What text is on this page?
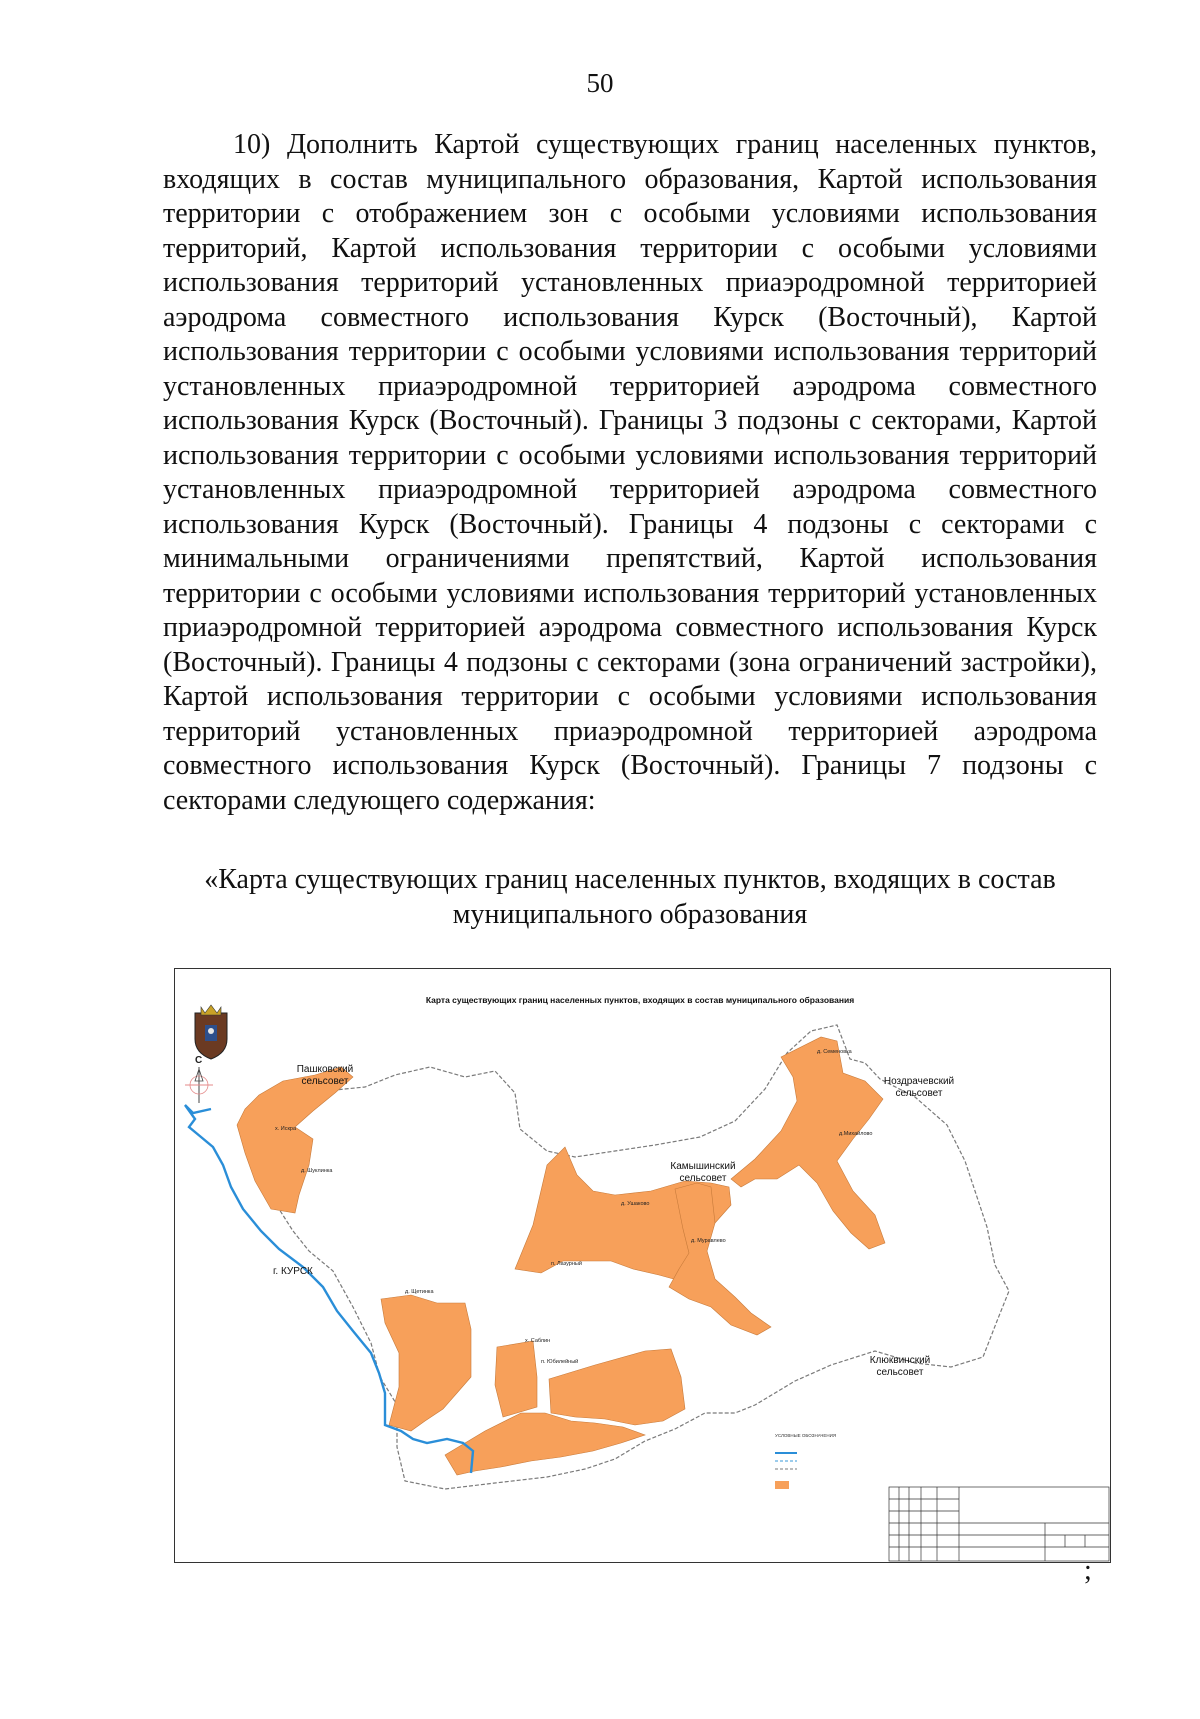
50
10) Дополнить Картой существующих границ населенных пунктов, входящих в состав муниципального образования, Картой использования территории с отображением зон с особыми условиями использования территорий, Картой использования территории с особыми условиями использования территорий установленных приаэродромной территорией аэродрома совместного использования Курск (Восточный), Картой использования территории с особыми условиями использования территорий установленных приаэродромной территорией аэродрома совместного использования Курск (Восточный). Границы 3 подзоны с секторами, Картой использования территории с особыми условиями использования территорий установленных приаэродромной территорией аэродрома совместного использования Курск (Восточный). Границы 4 подзоны с секторами с минимальными ограничениями препятствий, Картой использования территории с особыми условиями использования территорий установленных приаэродромной территорией аэродрома совместного использования Курск (Восточный). Границы 4 подзоны с секторами (зона ограничений застройки), Картой использования территории с особыми условиями использования территорий установленных приаэродромной территорией аэродрома совместного использования Курск (Восточный). Границы 7 подзоны с секторами следующего содержания:
«Карта существующих границ населенных пунктов, входящих в состав муниципального образования
Карта существующих границ населенных пунктов, входящих в состав муниципального образования
С
Пашковский
сельсовет	Ноздрачевский
сельсовет
Камышинский
сельсовет
Клюквинский
сельсовет
г. КУРСК
х. Искра
д. Шуклинка
д. Семеновка
д.Михайлово
д. Ушаково
д. Муравлево
п. Лазурный
д. Щетинка
х. Саблин
п. Юбилейный
УСЛОВНЫЕ ОБОЗНАЧЕНИЯ
;
